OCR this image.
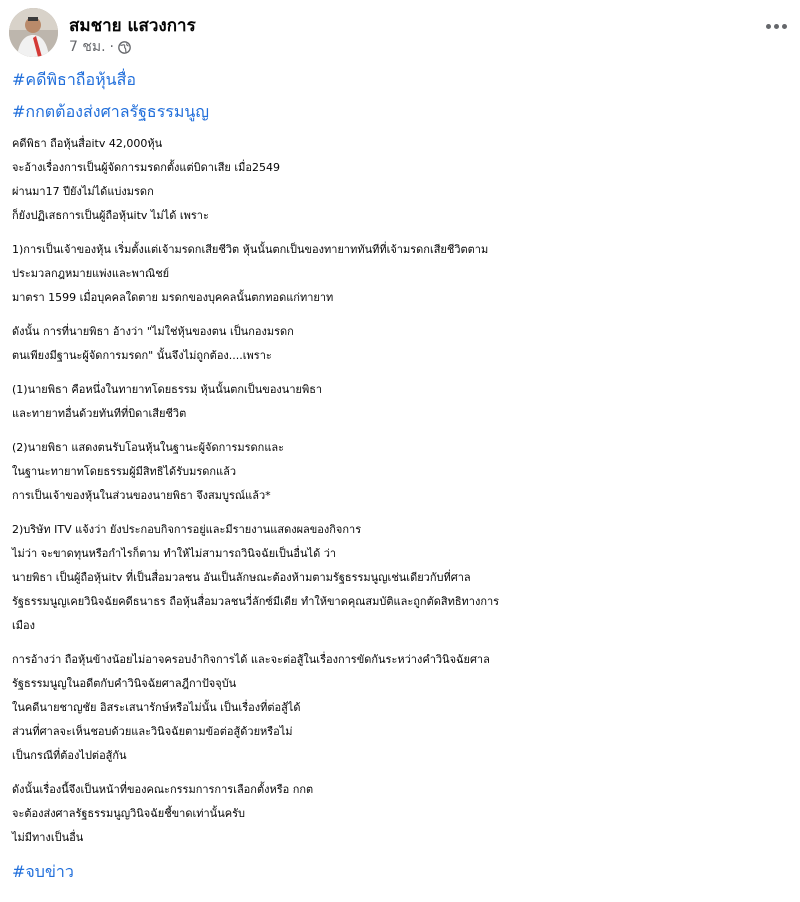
สมชาย แสวงการ
7 ชม. ·
#คดีพิธาถือหุ้นสื่อ
#กกตต้องส่งศาลรัฐธรรมนูญ
คดีพิธา ถือหุ้นสื่อitv 42,000หุ้น
จะอ้างเรื่องการเป็นผู้จัดการมรดกตั้งแต่บิดาเสีย เมื่อ2549
ผ่านมา17 ปียังไม่ได้แบ่งมรดก
ก็ยังปฏิเสธการเป็นผู้ถือหุ้นitv ไม่ได้ เพราะ
1)การเป็นเจ้าของหุ้น เริ่มตั้งแต่เจ้ามรดกเสียชีวิต หุ้นนั้นตกเป็นของทายาททันทีที่เจ้ามรดกเสียชีวิตตาม
ประมวลกฎหมายแพ่งและพาณิชย์
มาตรา 1599 เมื่อบุคคลใดตาย มรดกของบุคคลนั้นตกทอดแก่ทายาท
ดังนั้น การที่นายพิธา อ้างว่า "ไม่ใช่หุ้นของตน เป็นกองมรดก
ตนเพียงมีฐานะผู้จัดการมรดก" นั้นจึงไม่ถูกต้อง....เพราะ
(1)นายพิธา คือหนึ่งในทายาทโดยธรรม หุ้นนั้นตกเป็นของนายพิธา
และทายาทอื่นด้วยทันทีที่บิดาเสียชีวิต
(2)นายพิธา แสดงตนรับโอนหุ้นในฐานะผู้จัดการมรดกและ
ในฐานะทายาทโดยธรรมผู้มีสิทธิได้รับมรดกแล้ว
การเป็นเจ้าของหุ้นในส่วนของนายพิธา จึงสมบูรณ์แล้ว*
2)บริษัท ITV แจ้งว่า ยังประกอบกิจการอยู่และมีรายงานแสดงผลของกิจการ
ไม่ว่า จะขาดทุนหรือกำไรก็ตาม ทำให้ไม่สามารถวินิจฉัยเป็นอื่นได้ ว่า
นายพิธา เป็นผู้ถือหุ้นitv ที่เป็นสื่อมวลชน อันเป็นลักษณะต้องห้ามตามรัฐธรรมนูญเช่นเดียวกับที่ศาล
รัฐธรรมนูญเคยวินิจฉัยคดีธนาธร ถือหุ้นสื่อมวลชนวี่ลักซ์มีเดีย ทำให้ขาดคุณสมบัติและถูกตัดสิทธิทางการ
เมือง
การอ้างว่า ถือหุ้นข้างน้อยไม่อาจครอบงำกิจการได้ และจะต่อสู้ในเรื่องการขัดกันระหว่างคำวินิจฉัยศาล
รัฐธรรมนูญในอดีตกับคำวินิจฉัยศาลฎีกาปัจจุบัน
ในคดีนายชาญชัย อิสระเสนารักษ์หรือไม่นั้น เป็นเรื่องที่ต่อสู้ได้
ส่วนที่ศาลจะเห็นชอบด้วยและวินิจฉัยตามข้อต่อสู้ด้วยหรือไม่
เป็นกรณีที่ต้องไปต่อสู้กัน
ดังนั้นเรื่องนี้จึงเป็นหน้าที่ของคณะกรรมการการเลือกตั้งหรือ กกต
จะต้องส่งศาลรัฐธรรมนูญวินิจฉัยชี้ขาดเท่านั้นครับ
ไม่มีทางเป็นอื่น
#จบข่าว
